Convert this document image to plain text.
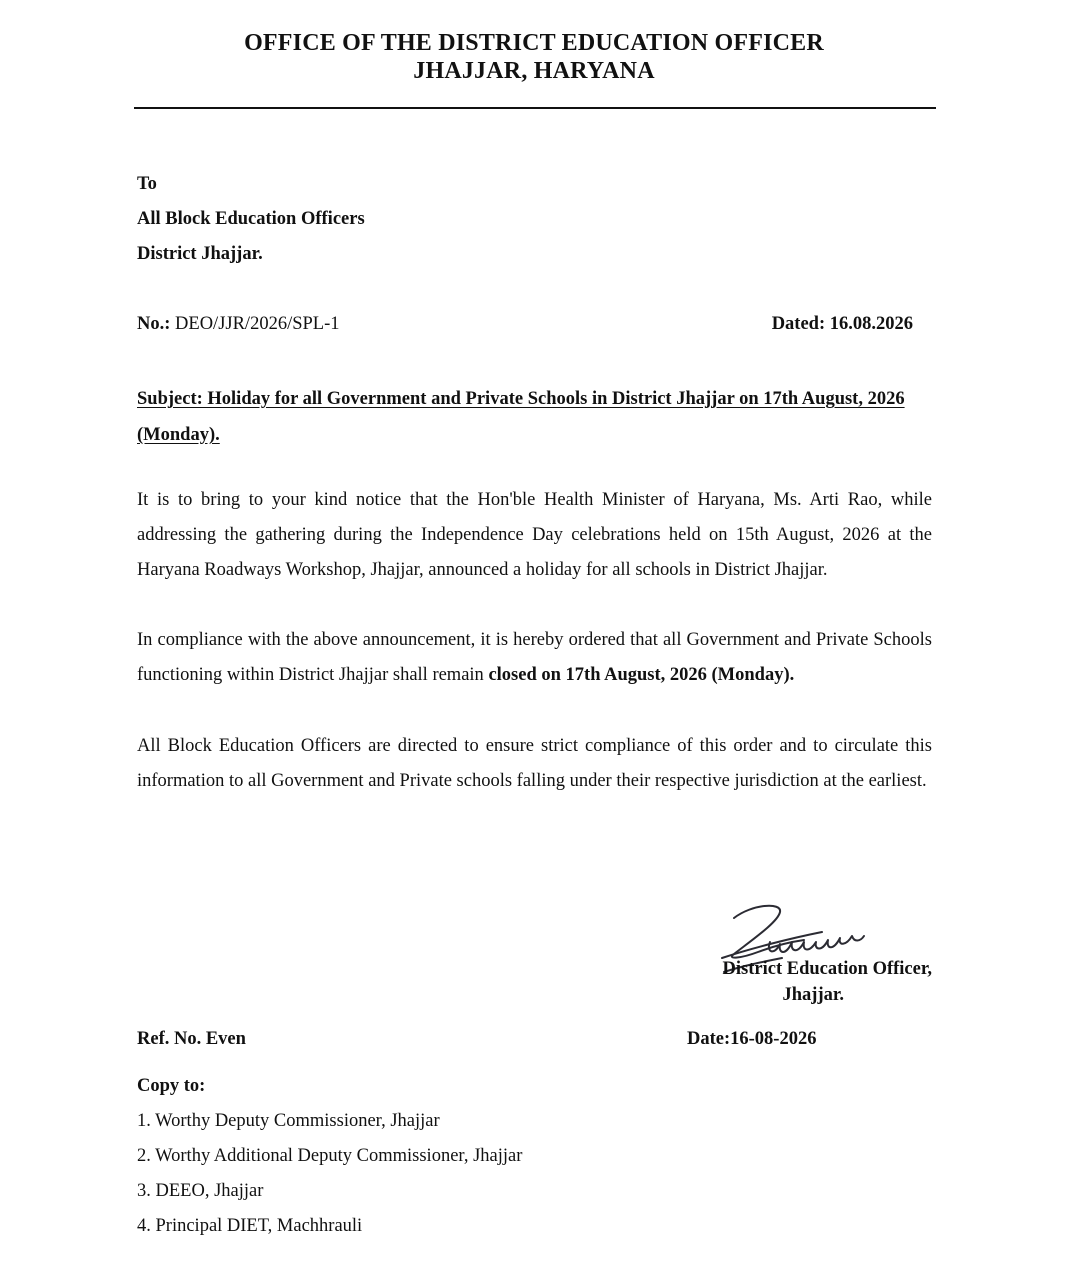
OFFICE OF THE DISTRICT EDUCATION OFFICER
JHAJJAR, HARYANA
To
All Block Education Officers
District Jhajjar.
No.: DEO/JJR/2026/SPL-1	Dated: 16.08.2026
Subject: Holiday for all Government and Private Schools in District Jhajjar on 17th August, 2026 (Monday).
It is to bring to your kind notice that the Hon'ble Health Minister of Haryana, Ms. Arti Rao, while addressing the gathering during the Independence Day celebrations held on 15th August, 2026 at the Haryana Roadways Workshop, Jhajjar, announced a holiday for all schools in District Jhajjar.
In compliance with the above announcement, it is hereby ordered that all Government and Private Schools functioning within District Jhajjar shall remain closed on 17th August, 2026 (Monday).
All Block Education Officers are directed to ensure strict compliance of this order and to circulate this information to all Government and Private schools falling under their respective jurisdiction at the earliest.
District Education Officer,
Jhajjar.
Ref. No. Even	Date:16-08-2026
Copy to:
1. Worthy Deputy Commissioner, Jhajjar
2. Worthy Additional Deputy Commissioner, Jhajjar
3. DEEO, Jhajjar
4. Principal DIET, Machhrauli
